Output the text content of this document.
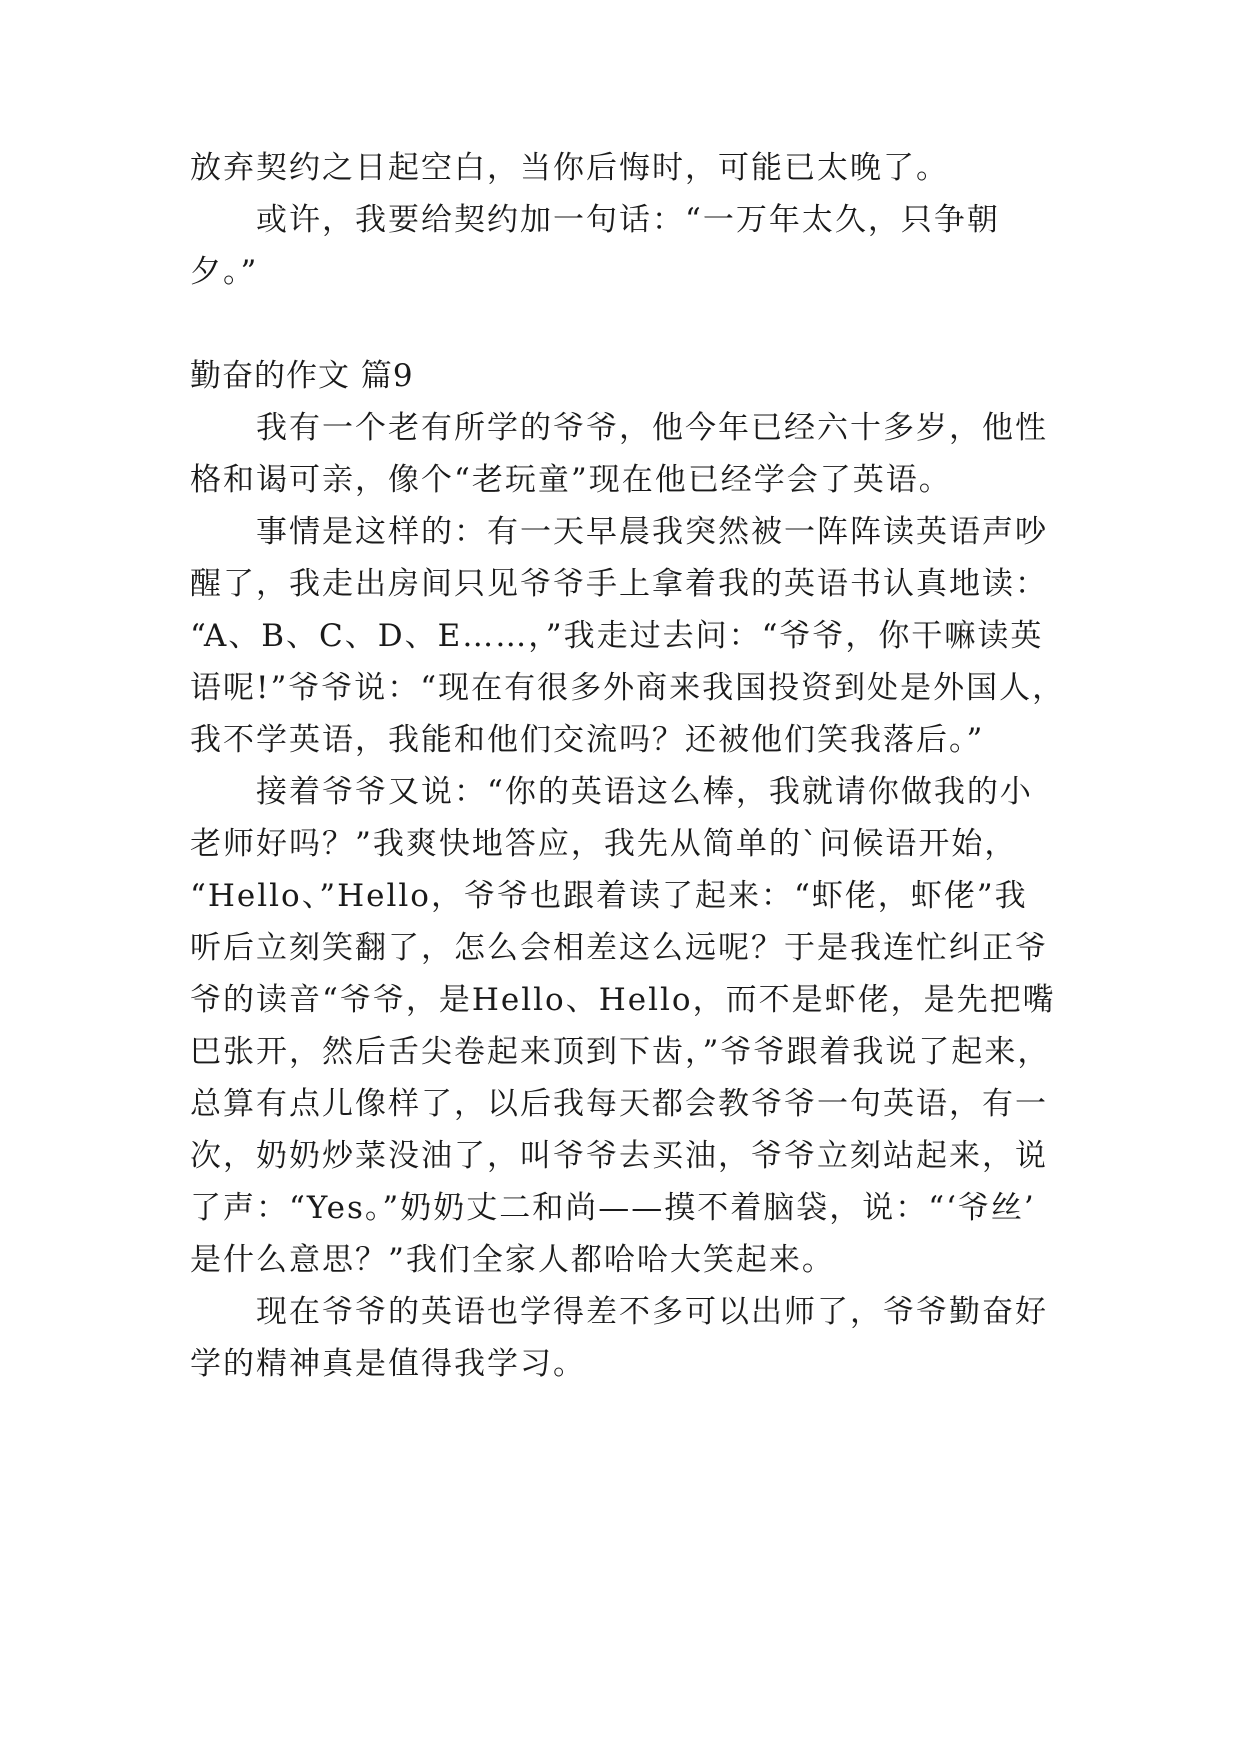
放弃契约之日起空白，当你后悔时，可能已太晚了。
　　或许，我要给契约加一句话：“一万年太久，只争朝
夕。”
勤奋的作文 篇9
　　我有一个老有所学的爷爷，他今年已经六十多岁，他性
格和谒可亲，像个“老玩童”现在他已经学会了英语。
　　事情是这样的：有一天早晨我突然被一阵阵读英语声吵
醒了，我走出房间只见爷爷手上拿着我的英语书认真地读：
“A、B、C、D、E……，”我走过去问：“爷爷，你干嘛读英
语呢!”爷爷说：“现在有很多外商来我国投资到处是外国人，
我不学英语，我能和他们交流吗？还被他们笑我落后。”
　　接着爷爷又说：“你的英语这么棒，我就请你做我的小
老师好吗？”我爽快地答应，我先从简单的`问候语开始，
“Hello、”Hello，爷爷也跟着读了起来：“虾佬，虾佬”我
听后立刻笑翻了，怎么会相差这么远呢？于是我连忙纠正爷
爷的读音“爷爷，是Hello、Hello，而不是虾佬，是先把嘴
巴张开，然后舌尖卷起来顶到下齿，”爷爷跟着我说了起来，
总算有点儿像样了，以后我每天都会教爷爷一句英语，有一
次，奶奶炒菜没油了，叫爷爷去买油，爷爷立刻站起来，说
了声：“Yes。”奶奶丈二和尚——摸不着脑袋，说：“‘爷丝’
是什么意思？”我们全家人都哈哈大笑起来。
　　现在爷爷的英语也学得差不多可以出师了，爷爷勤奋好
学的精神真是值得我学习。
